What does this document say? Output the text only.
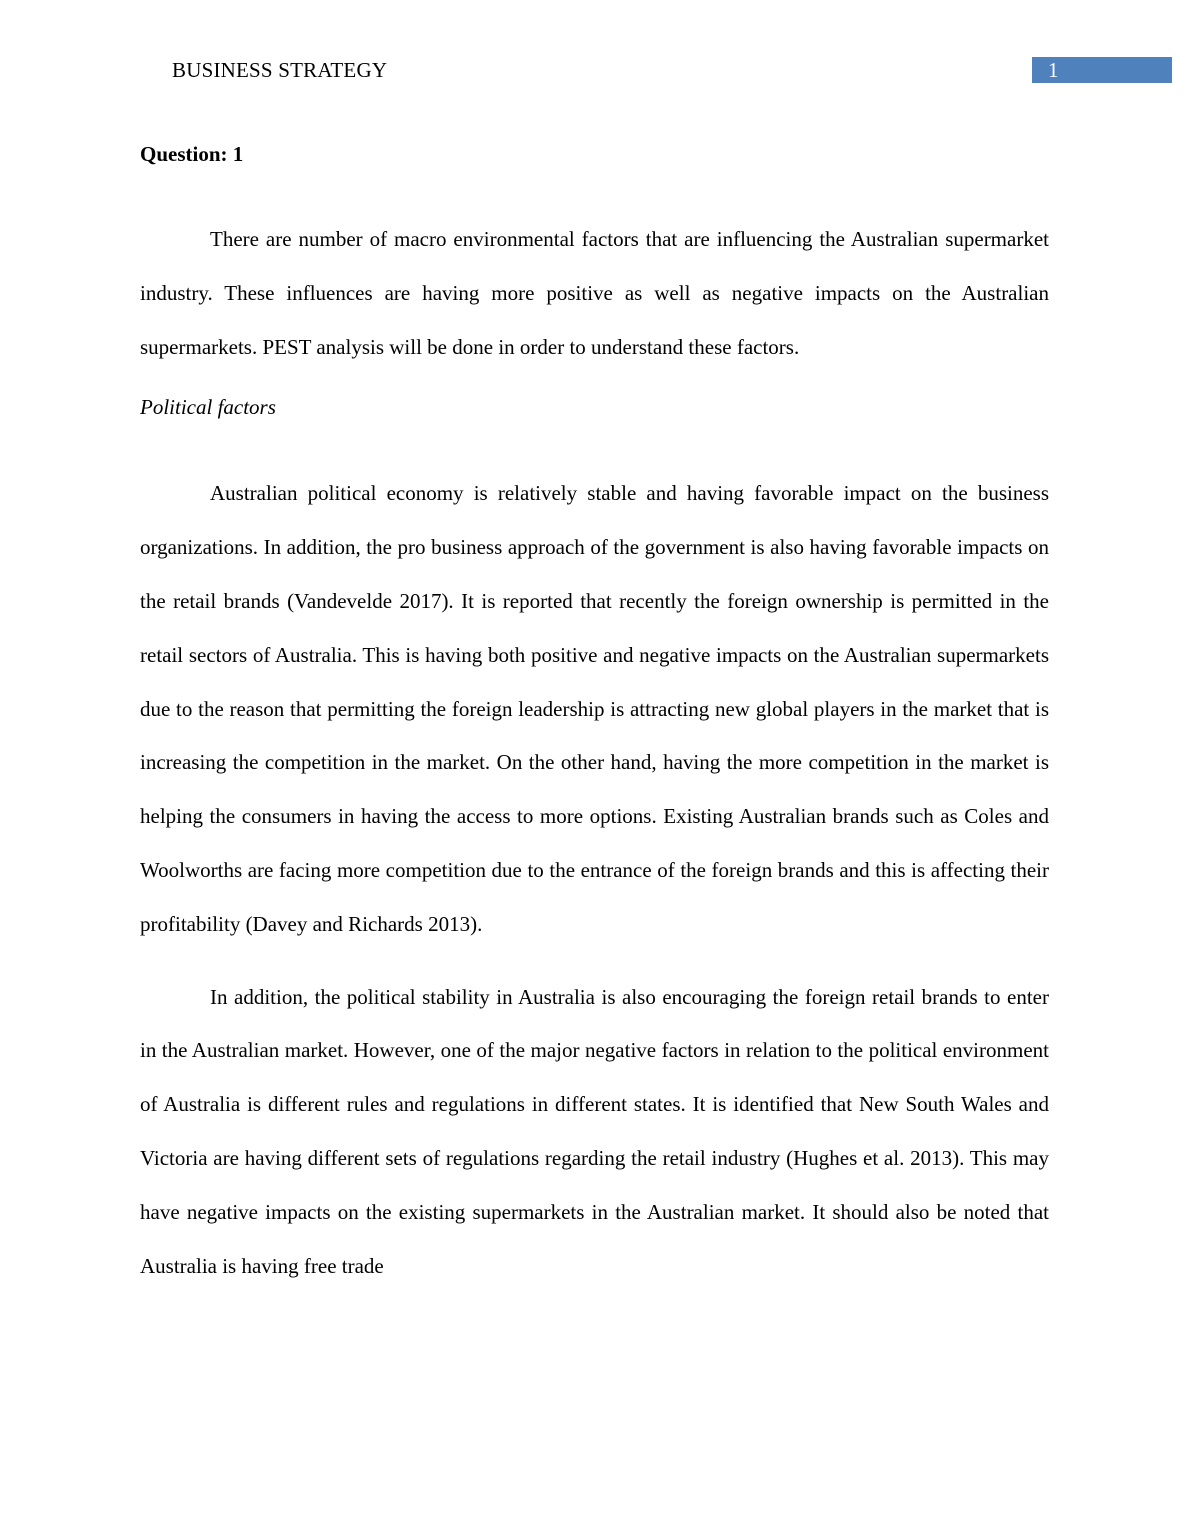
BUSINESS STRATEGY	1
Question: 1

There are number of macro environmental factors that are influencing the Australian supermarket industry. These influences are having more positive as well as negative impacts on the Australian supermarkets. PEST analysis will be done in order to understand these factors.

Political factors

Australian political economy is relatively stable and having favorable impact on the business organizations. In addition, the pro business approach of the government is also having favorable impacts on the retail brands (Vandevelde 2017). It is reported that recently the foreign ownership is permitted in the retail sectors of Australia. This is having both positive and negative impacts on the Australian supermarkets due to the reason that permitting the foreign leadership is attracting new global players in the market that is increasing the competition in the market. On the other hand, having the more competition in the market is helping the consumers in having the access to more options. Existing Australian brands such as Coles and Woolworths are facing more competition due to the entrance of the foreign brands and this is affecting their profitability (Davey and Richards 2013).

In addition, the political stability in Australia is also encouraging the foreign retail brands to enter in the Australian market. However, one of the major negative factors in relation to the political environment of Australia is different rules and regulations in different states. It is identified that New South Wales and Victoria are having different sets of regulations regarding the retail industry (Hughes et al. 2013). This may have negative impacts on the existing supermarkets in the Australian market. It should also be noted that Australia is having free trade
